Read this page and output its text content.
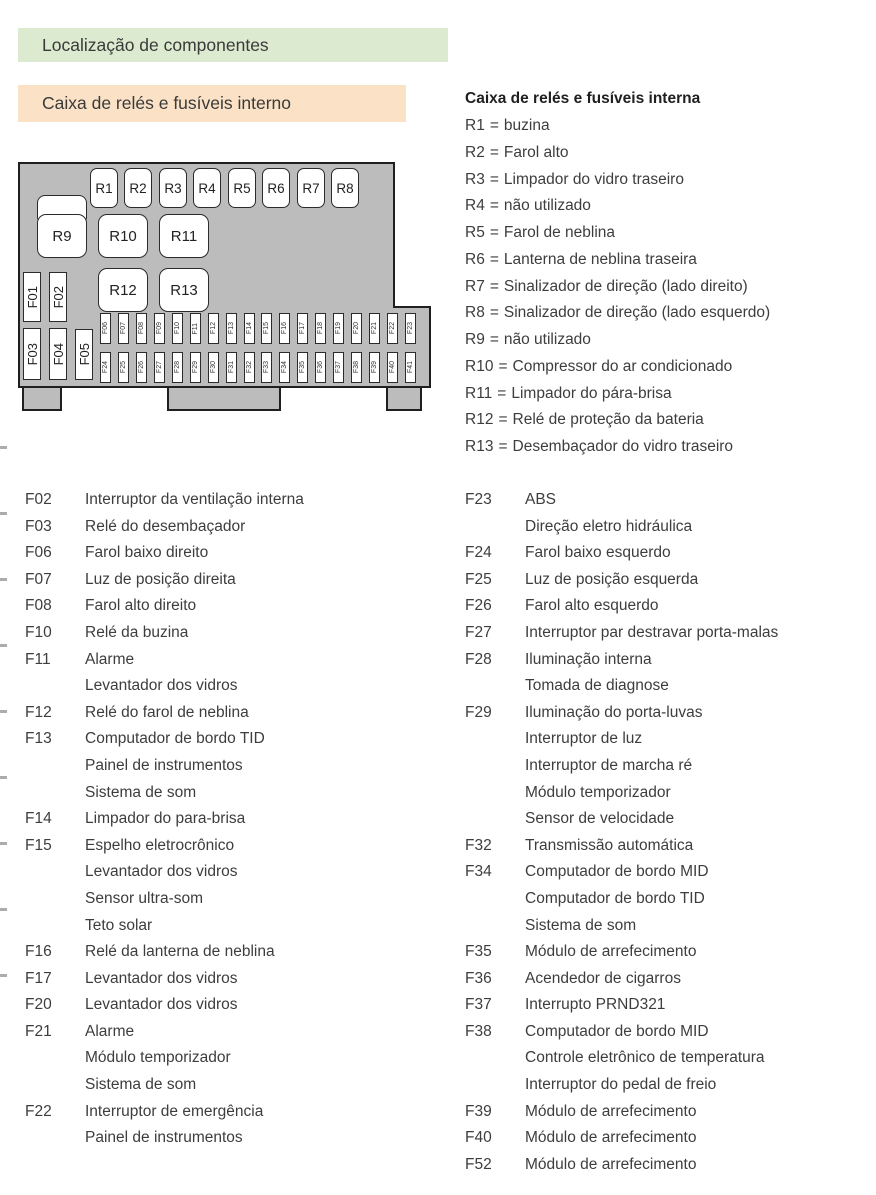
Localização de componentes
Caixa de relés e fusíveis interno
R1 R2 R3 R4 R5 R6 R7 R8
R9	R10 R11
R12 R13
F01 F02
F03 F04 F05
F06 F07 F08 F09 F10 F11 F12 F13 F14 F15 F16 F17 F18 F19 F20 F21 F22 F23
F24 F25 F26 F27 F28 F29 F30 F31 F32 F33 F34 F35 F36 F37 F38 F39 F40 F41
Caixa de relés e fusíveis interna
R1 = buzina
R2 = Farol alto
R3 = Limpador do vidro traseiro
R4 = não utilizado
R5 = Farol de neblina
R6 = Lanterna de neblina traseira
R7 = Sinalizador de direção (lado direito)
R8 = Sinalizador de direção (lado esquerdo)
R9 = não utilizado
R10 = Compressor do ar condicionado
R11 = Limpador do pára-brisa
R12 = Relé de proteção da bateria
R13 = Desembaçador do vidro traseiro
F02 Interruptor da ventilação interna
F03 Relé do desembaçador
F06 Farol baixo direito
F07 Luz de posição direita
F08 Farol alto direito
F10 Relé da buzina
F11 Alarme
Levantador dos vidros
F12 Relé do farol de neblina
F13 Computador de bordo TID
Painel de instrumentos
Sistema de som
F14 Limpador do para-brisa
F15 Espelho eletrocrônico
Levantador dos vidros
Sensor ultra-som
Teto solar
F16 Relé da lanterna de neblina
F17 Levantador dos vidros
F20 Levantador dos vidros
F21 Alarme
Módulo temporizador
Sistema de som
F22 Interruptor de emergência
Painel de instrumentos
F23 ABS
Direção eletro hidráulica
F24 Farol baixo esquerdo
F25 Luz de posição esquerda
F26 Farol alto esquerdo
F27 Interruptor par destravar porta-malas
F28 Iluminação interna
Tomada de diagnose
F29 Iluminação do porta-luvas
Interruptor de luz
Interruptor de marcha ré
Módulo temporizador
Sensor de velocidade
F32 Transmissão automática
F34 Computador de bordo MID
Computador de bordo TID
Sistema de som
F35 Módulo de arrefecimento
F36 Acendedor de cigarros
F37 Interrupto PRND321
F38 Computador de bordo MID
Controle eletrônico de temperatura
Interruptor do pedal de freio
F39 Módulo de arrefecimento
F40 Módulo de arrefecimento
F52 Módulo de arrefecimento
